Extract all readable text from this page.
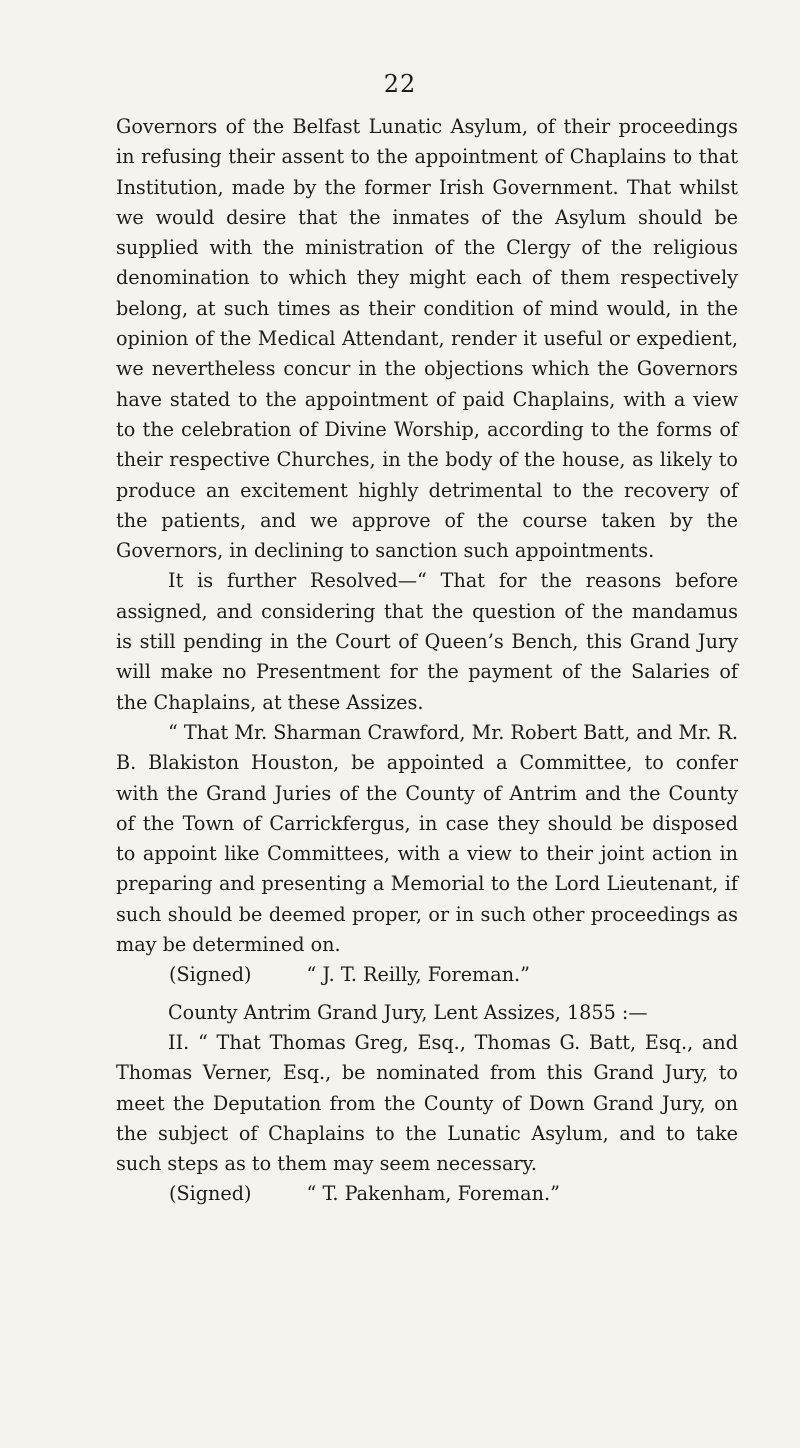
22

Governors of the Belfast Lunatic Asylum, of their proceedings in refusing their assent to the appointment of Chaplains to that Institution, made by the former Irish Government. That whilst we would desire that the inmates of the Asylum should be supplied with the ministration of the Clergy of the religious denomination to which they might each of them respectively belong, at such times as their condition of mind would, in the opinion of the Medical Attendant, render it useful or expedient, we nevertheless concur in the objections which the Governors have stated to the appointment of paid Chaplains, with a view to the celebration of Divine Worship, according to the forms of their respective Churches, in the body of the house, as likely to produce an excitement highly detrimental to the recovery of the patients, and we approve of the course taken by the Governors, in declining to sanction such appointments.

It is further Resolved—“ That for the reasons before assigned, and considering that the question of the mandamus is still pending in the Court of Queen’s Bench, this Grand Jury will make no Presentment for the payment of the Salaries of the Chaplains, at these Assizes.

“ That Mr. Sharman Crawford, Mr. Robert Batt, and Mr. R. B. Blakiston Houston, be appointed a Committee, to confer with the Grand Juries of the County of Antrim and the County of the Town of Carrickfergus, in case they should be disposed to appoint like Committees, with a view to their joint action in preparing and presenting a Memorial to the Lord Lieutenant, if such should be deemed proper, or in such other proceedings as may be determined on.

(Signed)	“ J. T. Reilly, Foreman.”

County Antrim Grand Jury, Lent Assizes, 1855 :—

II. “ That Thomas Greg, Esq., Thomas G. Batt, Esq., and Thomas Verner, Esq., be nominated from this Grand Jury, to meet the Deputation from the County of Down Grand Jury, on the subject of Chaplains to the Lunatic Asylum, and to take such steps as to them may seem necessary.

(Signed)	“ T. Pakenham, Foreman.”
